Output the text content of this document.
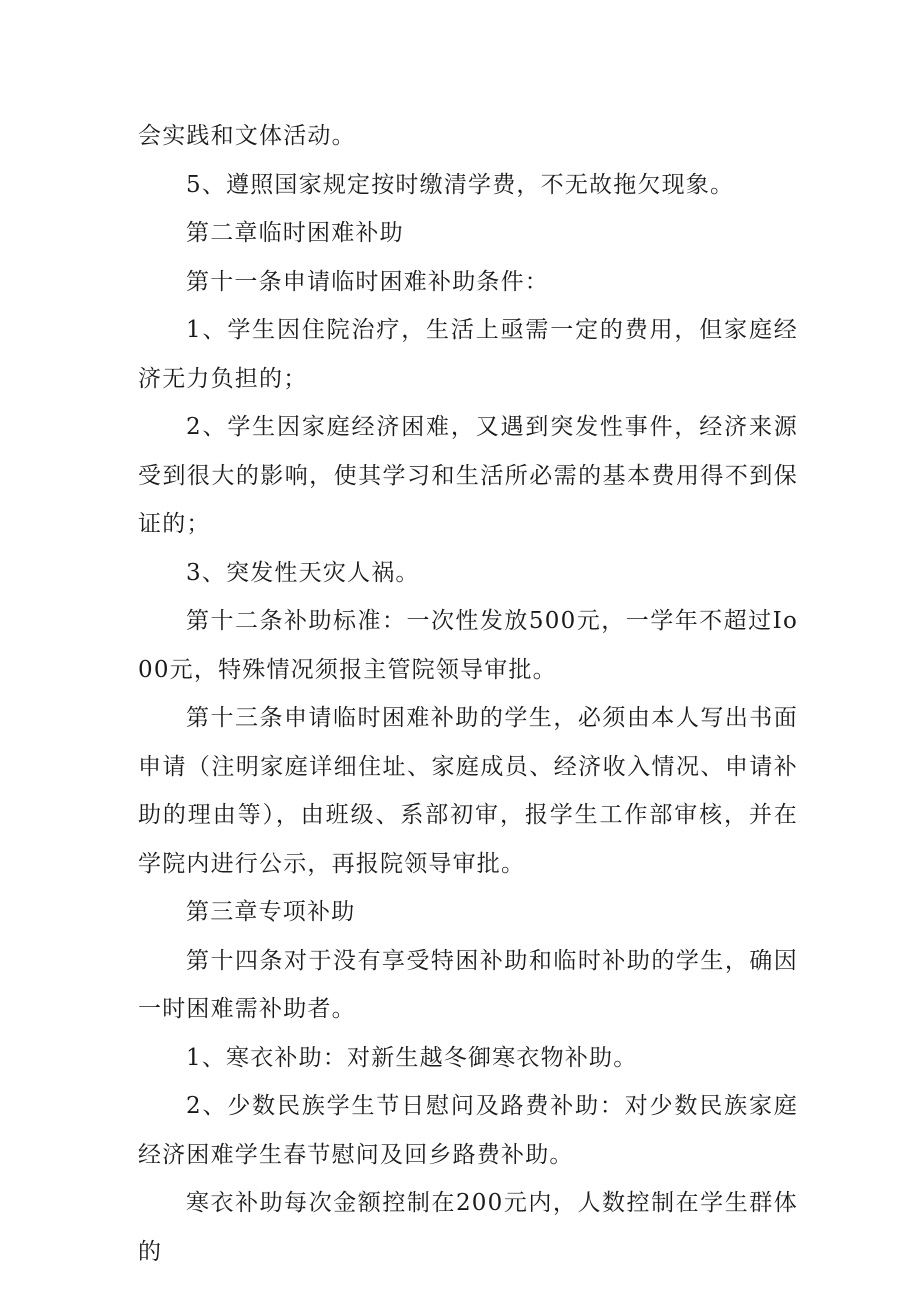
会实践和文体活动。

5、遵照国家规定按时缴清学费，不无故拖欠现象。

第二章临时困难补助

第十一条申请临时困难补助条件：

1、学生因住院治疗，生活上亟需一定的费用，但家庭经济无力负担的；

2、学生因家庭经济困难，又遇到突发性事件，经济来源受到很大的影响，使其学习和生活所必需的基本费用得不到保证的；

3、突发性天灾人祸。

第十二条补助标准：一次性发放500元，一学年不超过Io00元，特殊情况须报主管院领导审批。

第十三条申请临时困难补助的学生，必须由本人写出书面申请（注明家庭详细住址、家庭成员、经济收入情况、申请补助的理由等），由班级、系部初审，报学生工作部审核，并在学院内进行公示，再报院领导审批。

第三章专项补助

第十四条对于没有享受特困补助和临时补助的学生，确因一时困难需补助者。

1、寒衣补助：对新生越冬御寒衣物补助。

2、少数民族学生节日慰问及路费补助：对少数民族家庭经济困难学生春节慰问及回乡路费补助。

寒衣补助每次金额控制在200元内，人数控制在学生群体的
